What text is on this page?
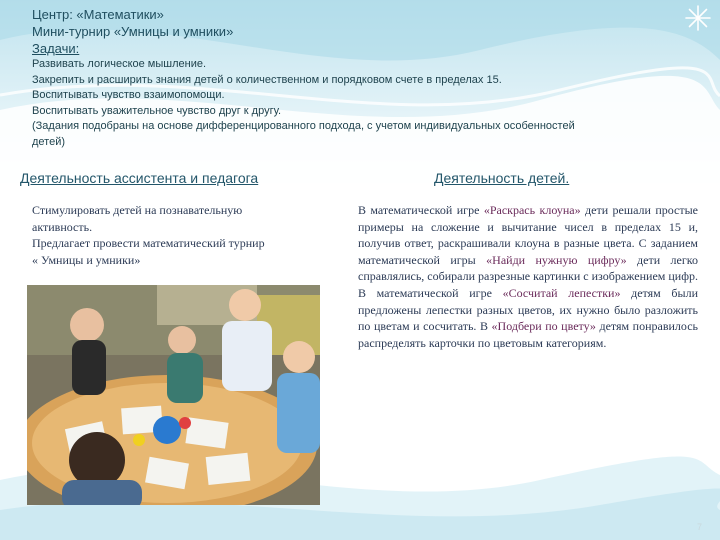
Центр: «Математики»
Мини-турнир «Умницы и умники»
Задачи:
Развивать логическое мышление.
Закрепить и расширить знания детей о количественном и порядковом счете в пределах 15.
Воспитывать чувство взаимопомощи.
Воспитывать уважительное чувство друг к другу.
(Задания подобраны на основе дифференцированного подхода, с учетом индивидуальных особенностей
детей)
Деятельность ассистента и педагога	Деятельность детей.
Стимулировать детей на познавательную
активность.
Предлагает провести математический турнир
« Умницы и умники»
В математической игре «Раскрась клоуна» дети решали простые примеры на сложение и вычитание чисел в пределах 15 и, получив ответ, раскрашивали клоуна в разные цвета. С заданием математической игры «Найди нужную цифру» дети легко справлялись, собирали разрезные картинки с изображением цифр. В математической игре «Сосчитай лепестки» детям были предложены лепестки разных цветов, их нужно было разложить по цветам и сосчитать. В «Подбери по цвету» детям понравилось распределять карточки по цветовым категориям.
7
